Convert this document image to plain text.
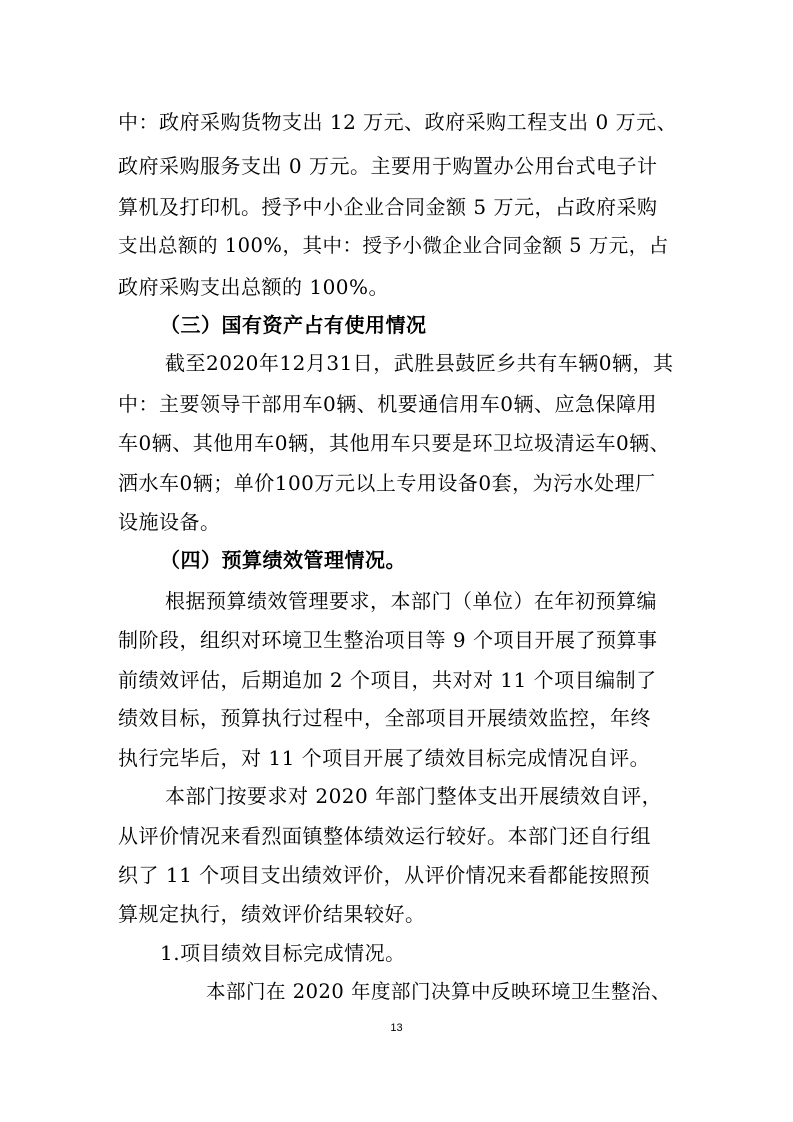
中：政府采购货物支出 12 万元、政府采购工程支出 0 万元、

政府采购服务支出 0 万元。主要用于购置办公用台式电子计

算机及打印机。授予中小企业合同金额 5 万元，占政府采购

支出总额的 100%，其中：授予小微企业合同金额 5 万元，占

政府采购支出总额的 100%。

（三）国有资产占有使用情况

截至2020年12月31日，武胜县鼓匠乡共有车辆0辆，其

中：主要领导干部用车0辆、机要通信用车0辆、应急保障用

车0辆、其他用车0辆，其他用车只要是环卫垃圾清运车0辆、

洒水车0辆；单价100万元以上专用设备0套，为污水处理厂

设施设备。

（四）预算绩效管理情况。

根据预算绩效管理要求，本部门（单位）在年初预算编

制阶段，组织对环境卫生整治项目等 9 个项目开展了预算事

前绩效评估，后期追加 2 个项目，共对对 11 个项目编制了

绩效目标，预算执行过程中，全部项目开展绩效监控，年终

执行完毕后，对 11 个项目开展了绩效目标完成情况自评。

本部门按要求对 2020 年部门整体支出开展绩效自评，

从评价情况来看烈面镇整体绩效运行较好。本部门还自行组

织了 11 个项目支出绩效评价，从评价情况来看都能按照预

算规定执行，绩效评价结果较好。

1.项目绩效目标完成情况。

本部门在 2020 年度部门决算中反映环境卫生整治、

13
